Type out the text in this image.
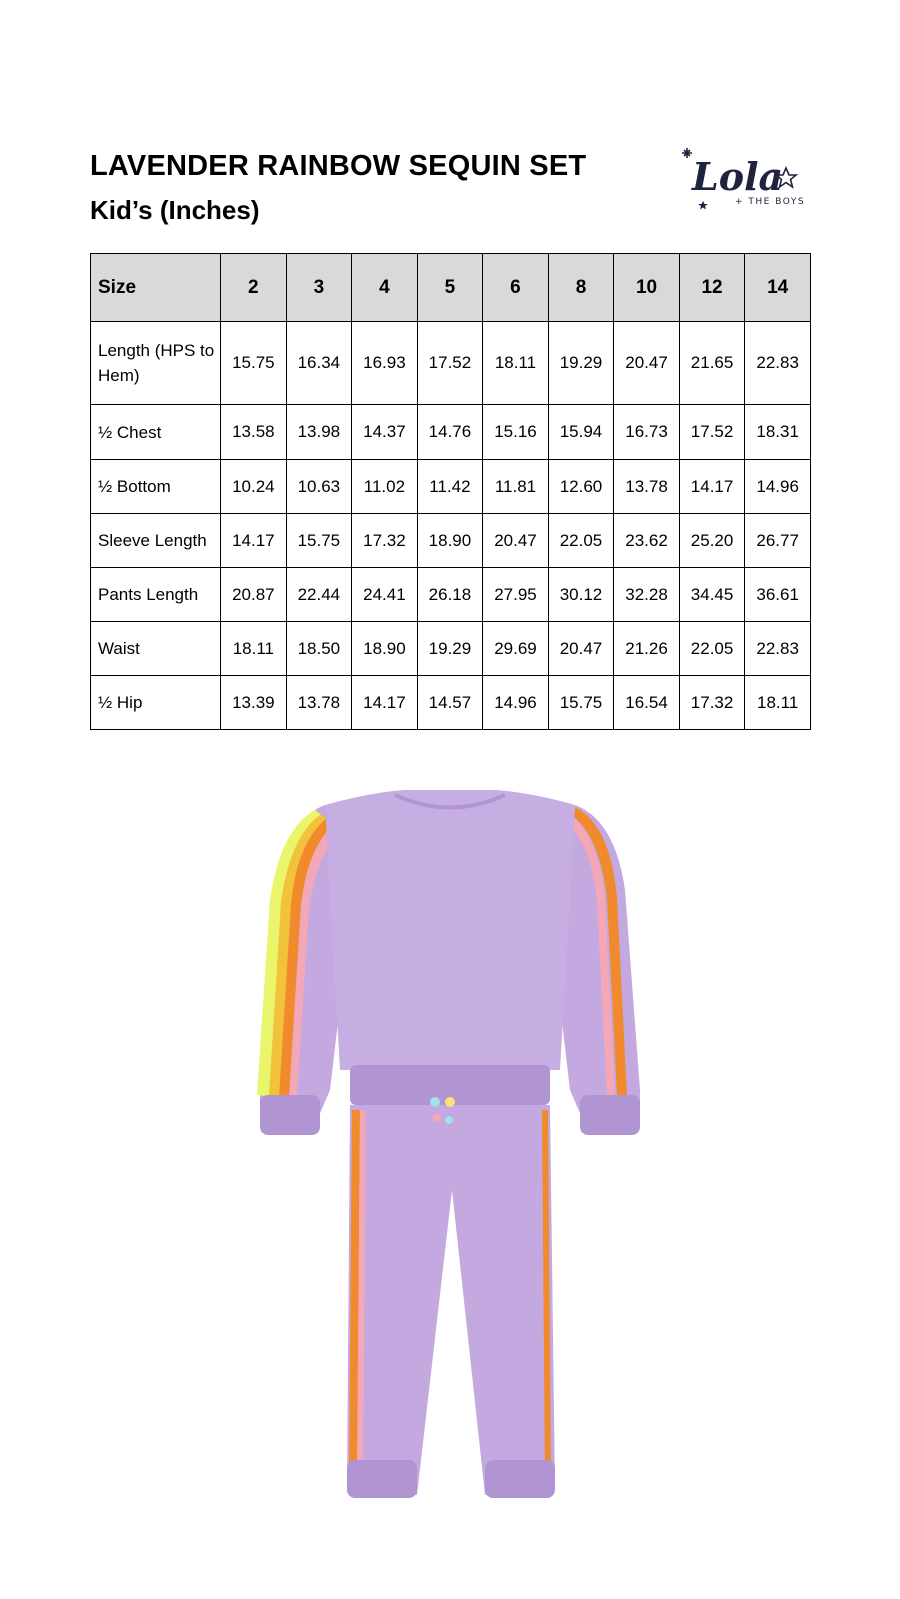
LAVENDER RAINBOW SEQUIN SET
Kid’s (Inches)
Lola
+ THE BOYS
Size	2	3	4	5	6	8	10	12	14
Length (HPS to Hem)	15.75	16.34	16.93	17.52	18.11	19.29	20.47	21.65	22.83
½ Chest	13.58	13.98	14.37	14.76	15.16	15.94	16.73	17.52	18.31
½ Bottom	10.24	10.63	11.02	11.42	11.81	12.60	13.78	14.17	14.96
Sleeve Length	14.17	15.75	17.32	18.90	20.47	22.05	23.62	25.20	26.77
Pants Length	20.87	22.44	24.41	26.18	27.95	30.12	32.28	34.45	36.61
Waist	18.11	18.50	18.90	19.29	29.69	20.47	21.26	22.05	22.83
½ Hip	13.39	13.78	14.17	14.57	14.96	15.75	16.54	17.32	18.11
